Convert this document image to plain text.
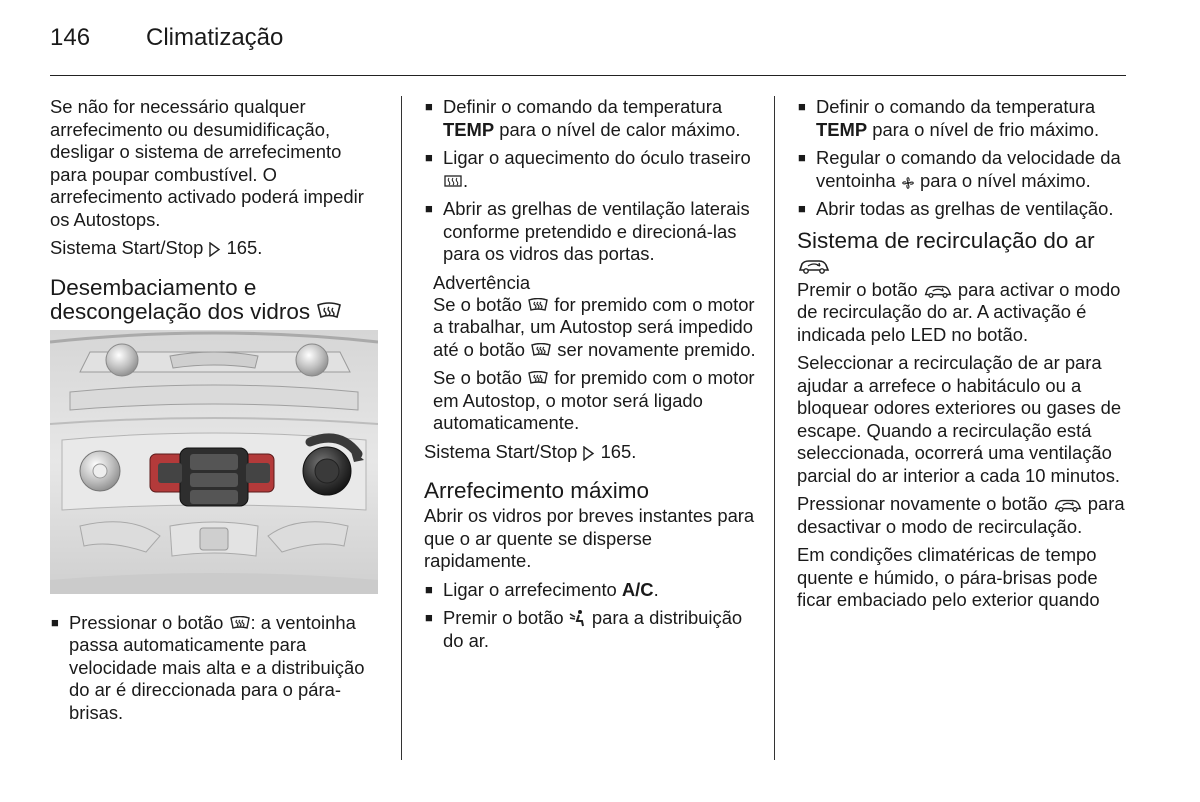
146 Climatização

Se não for necessário qualquer arrefecimento ou desumidificação, desligar o sistema de arrefecimento para poupar combustível. O arrefecimento activado poderá impedir os Autostops.

Sistema Start/Stop 165.

Desembaciamento e descongelação dos vidros
■ Pressionar o botão : a ventoinha passa automaticamente para velocidade mais alta e a distribuição do ar é direccionada para o pára-brisas.
■ Definir o comando da temperatura TEMP para o nível de calor máximo.
■ Ligar o aquecimento do óculo traseiro .
■ Abrir as grelhas de ventilação laterais conforme pretendido e direcioná-las para os vidros das portas.
Advertência

Se o botão for premido com o motor a trabalhar, um Autostop será impedido até o botão ser novamente premido.

Se o botão for premido com o motor em Autostop, o motor será ligado automaticamente.

Sistema Start/Stop 165.

Arrefecimento máximo

Abrir os vidros por breves instantes para que o ar quente se disperse rapidamente.

■ Ligar o arrefecimento A/C.
■ Premir o botão para a distribuição do ar.
■ Definir o comando da temperatura TEMP para o nível de frio máximo.
■ Regular o comando da velocidade da ventoinha para o nível máximo.
■ Abrir todas as grelhas de ventilação.
Sistema de recirculação do ar

Premir o botão para activar o modo de recirculação do ar. A activação é indicada pelo LED no botão.

Seleccionar a recirculação de ar para ajudar a arrefece o habitáculo ou a bloquear odores exteriores ou gases de escape. Quando a recirculação está seleccionada, ocorrerá uma ventilação parcial do ar interior a cada 10 minutos.

Pressionar novamente o botão para desactivar o modo de recirculação.

Em condições climatéricas de tempo quente e húmido, o pára-brisas pode ficar embaciado pelo exterior quando
